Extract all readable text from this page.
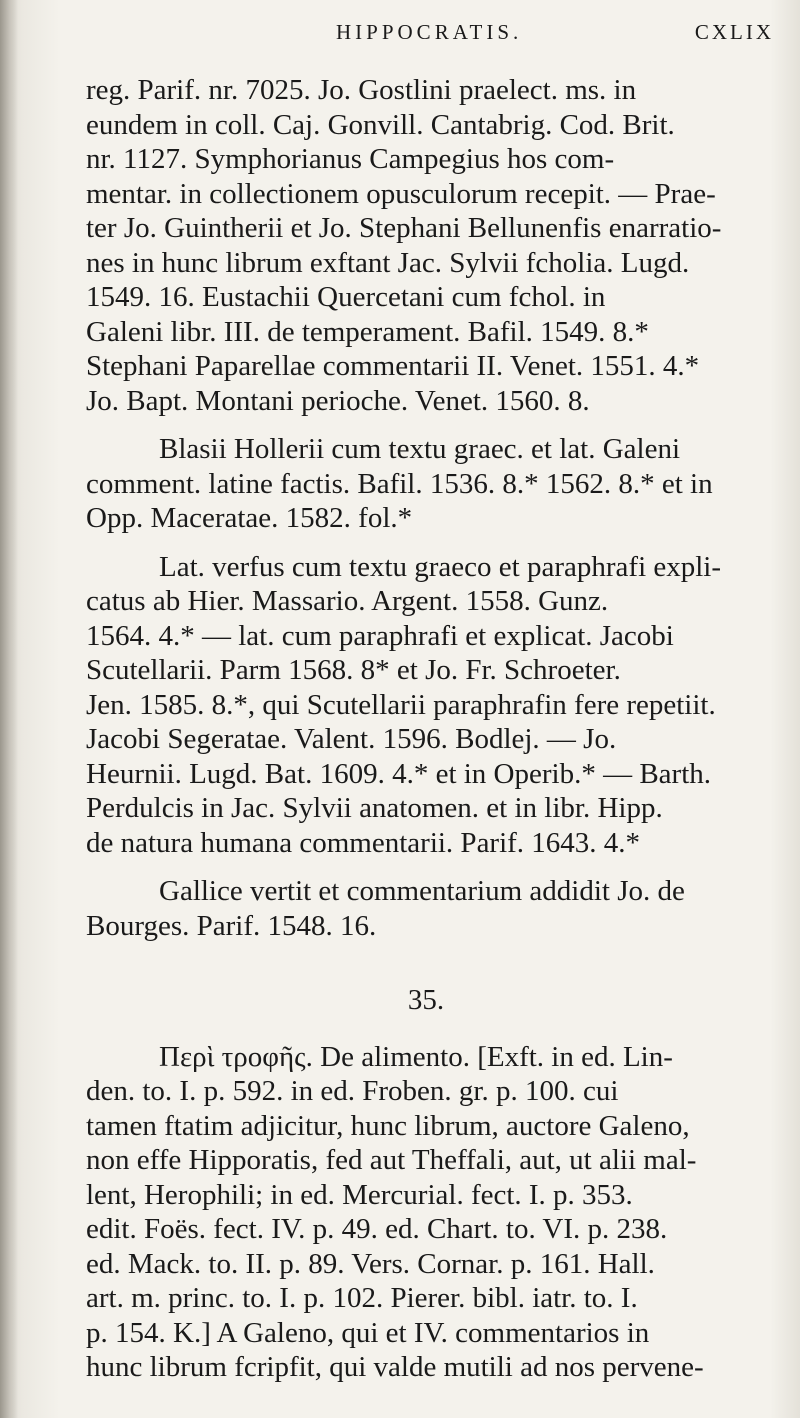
HIPPOCRATIS.	CXLIX
reg. Parif. nr. 7025. Jo. Gostlini praelect. ms. in
eundem in coll. Caj. Gonvill. Cantabrig. Cod. Brit.
nr. 1127. Symphorianus Campegius hos com-
mentar. in collectionem opusculorum recepit. — Prae-
ter Jo. Guintherii et Jo. Stephani Bellunenfis enarratio-
nes in hunc librum exftant Jac. Sylvii fcholia. Lugd.
1549. 16. Eustachii Quercetani cum fchol. in
Galeni libr. III. de temperament. Bafil. 1549. 8.*
Stephani Paparellae commentarii II. Venet. 1551. 4.*
Jo. Bapt. Montani perioche. Venet. 1560. 8.
Blasii Hollerii cum textu graec. et lat. Galeni
comment. latine factis. Bafil. 1536. 8.* 1562. 8.* et in
Opp. Maceratae. 1582. fol.*
Lat. verfus cum textu graeco et paraphrafi expli-
catus ab Hier. Massario. Argent. 1558. Gunz.
1564. 4.* — lat. cum paraphrafi et explicat. Jacobi
Scutellarii. Parm 1568. 8* et Jo. Fr. Schroeter.
Jen. 1585. 8.*, qui Scutellarii paraphrafin fere repetiit.
Jacobi Segeratae. Valent. 1596. Bodlej. — Jo.
Heurnii. Lugd. Bat. 1609. 4.* et in Operib.* — Barth.
Perdulcis in Jac. Sylvii anatomen. et in libr. Hipp.
de natura humana commentarii. Parif. 1643. 4.*
Gallice vertit et commentarium addidit Jo. de
Bourges. Parif. 1548. 16.
35.
Περὶ τροφῆς. De alimento. [Exft. in ed. Lin-
den. to. I. p. 592. in ed. Froben. gr. p. 100. cui
tamen ftatim adjicitur, hunc librum, auctore Galeno,
non effe Hipporatis, fed aut Theffali, aut, ut alii mal-
lent, Herophili; in ed. Mercurial. fect. I. p. 353.
edit. Foës. fect. IV. p. 49. ed. Chart. to. VI. p. 238.
ed. Mack. to. II. p. 89. Vers. Cornar. p. 161. Hall.
art. m. princ. to. I. p. 102. Pierer. bibl. iatr. to. I.
p. 154. K.] A Galeno, qui et IV. commentarios in
hunc librum fcripfit, qui valde mutili ad nos pervene-
